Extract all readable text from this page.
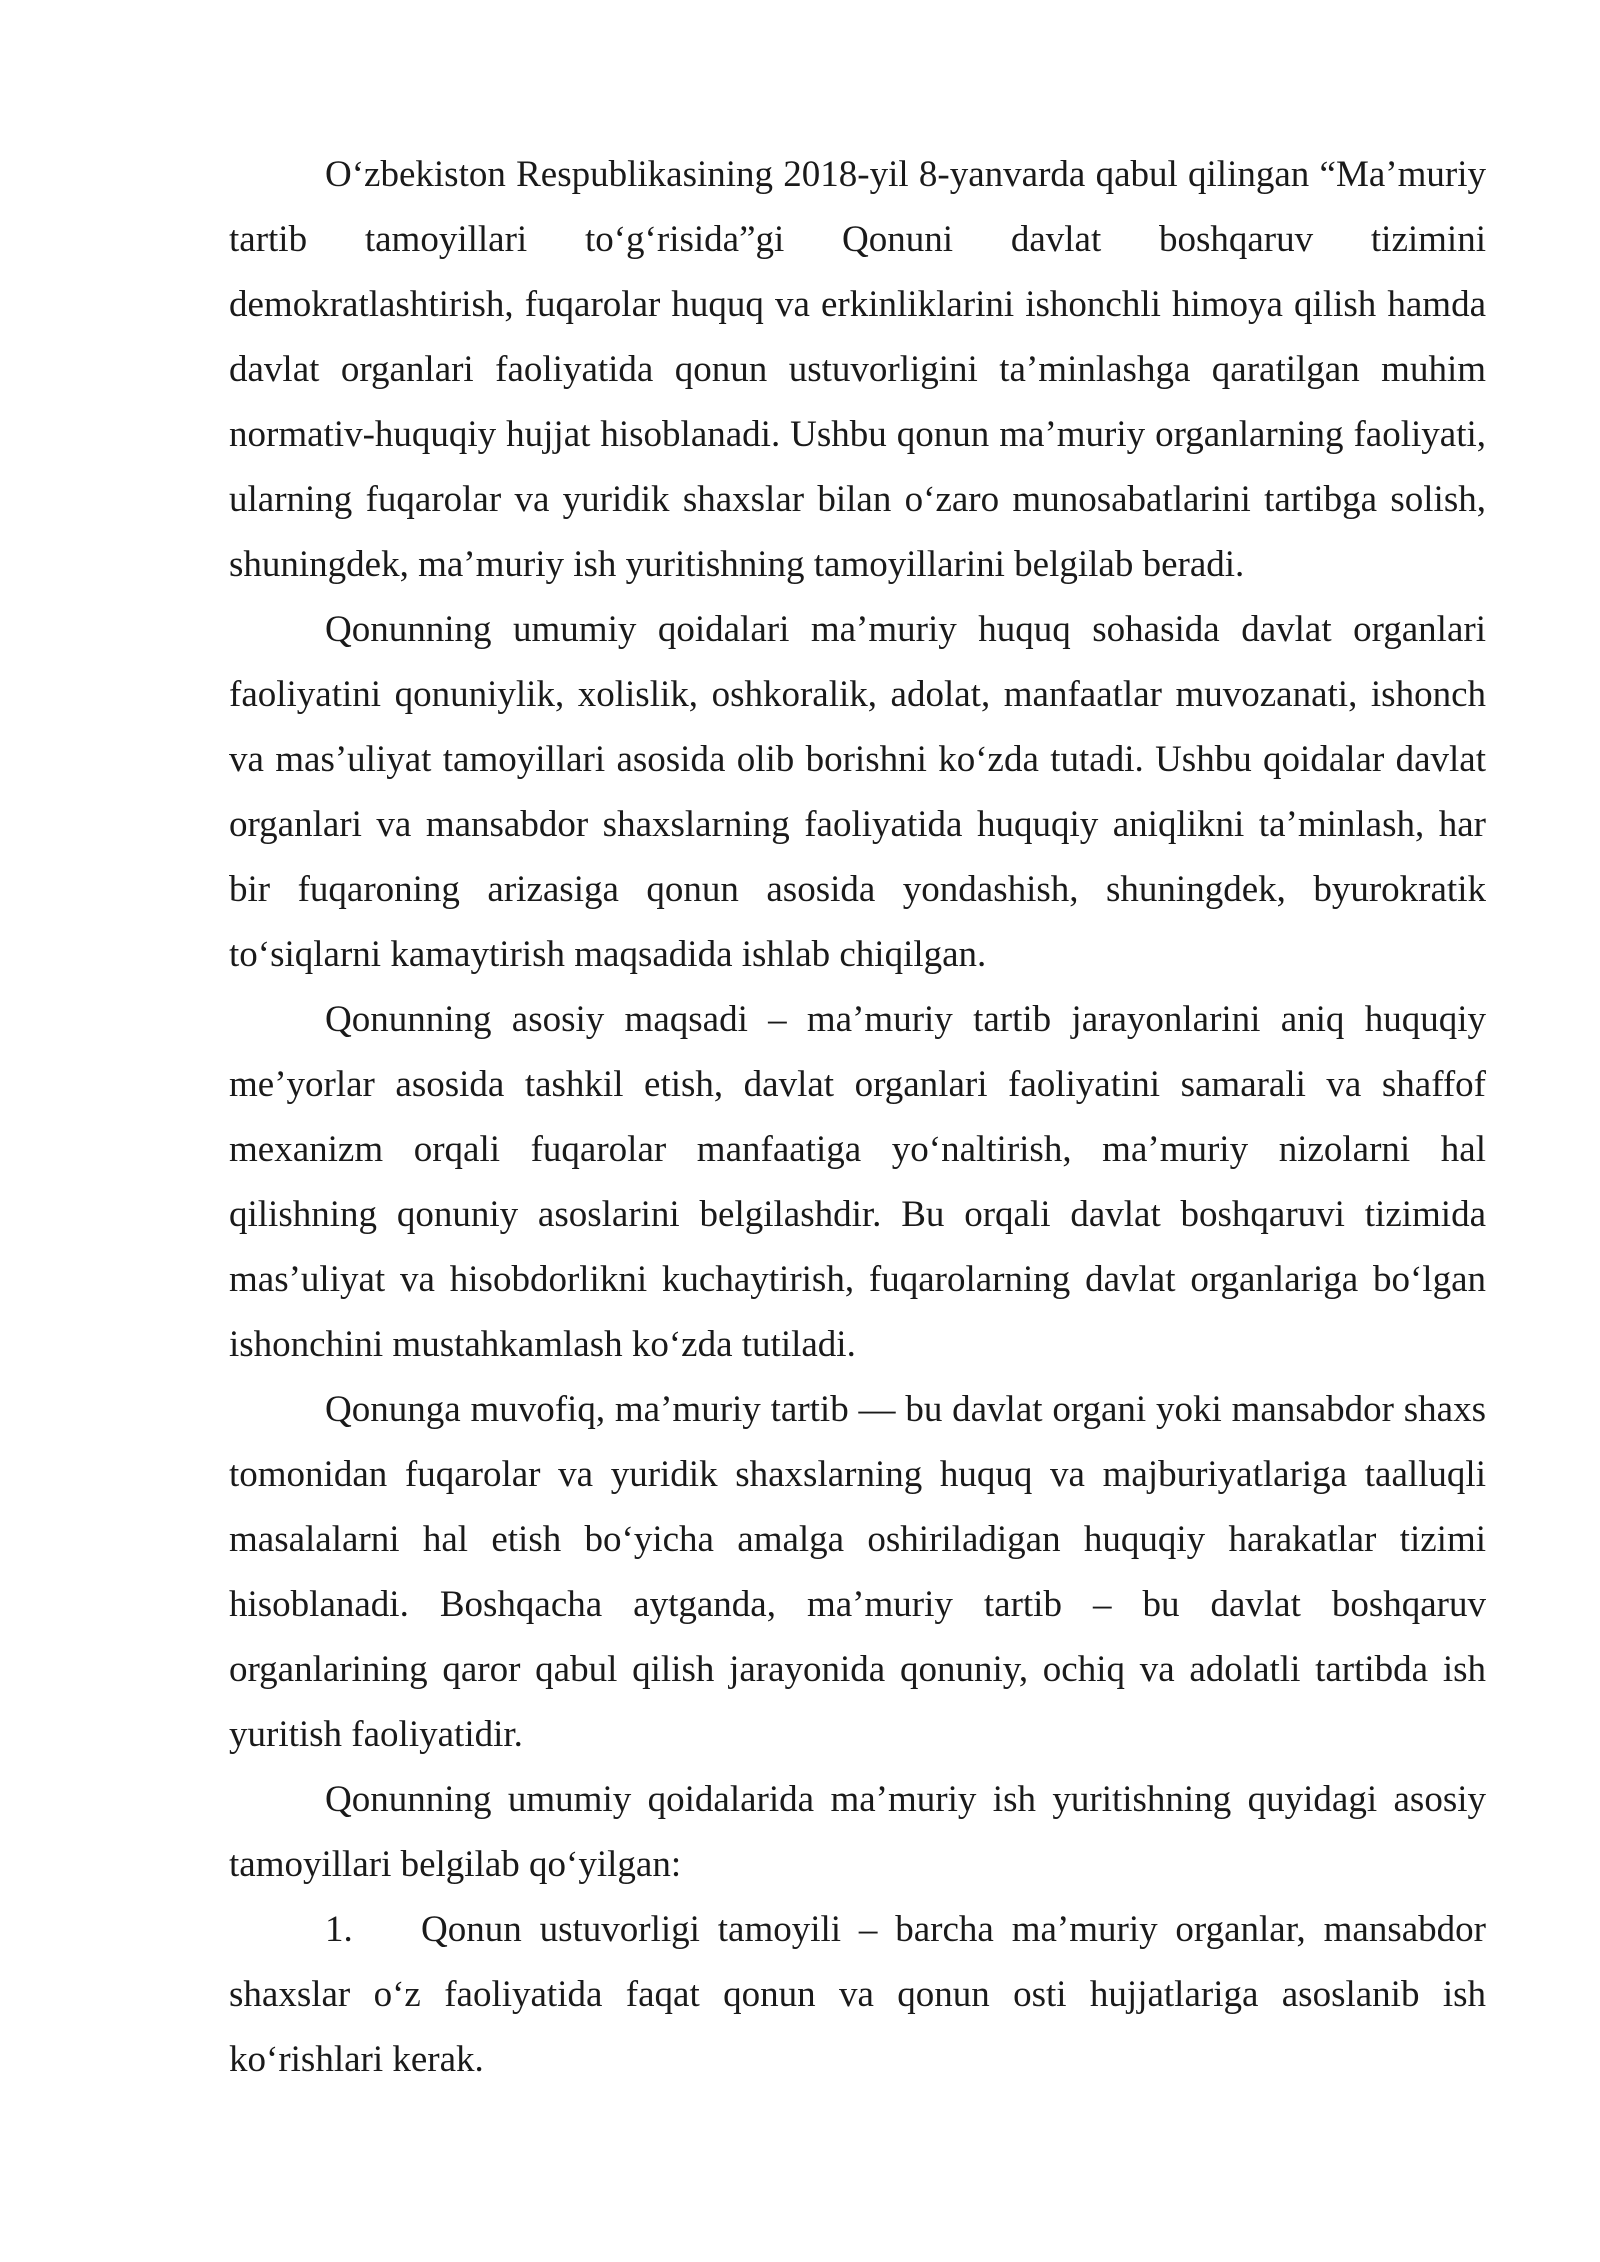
O‘zbekiston Respublikasining 2018-yil 8-yanvarda qabul qilingan “Ma’muriy tartib tamoyillari to‘g‘risida”gi Qonuni davlat boshqaruv tizimini demokratlashtirish, fuqarolar huquq va erkinliklarini ishonchli himoya qilish hamda davlat organlari faoliyatida qonun ustuvorligini ta’minlashga qaratilgan muhim normativ-huquqiy hujjat hisoblanadi. Ushbu qonun ma’muriy organlarning faoliyati, ularning fuqarolar va yuridik shaxslar bilan o‘zaro munosabatlarini tartibga solish, shuningdek, ma’muriy ish yuritishning tamoyillarini belgilab beradi.

Qonunning umumiy qoidalari ma’muriy huquq sohasida davlat organlari faoliyatini qonuniylik, xolislik, oshkoralik, adolat, manfaatlar muvozanati, ishonch va mas’uliyat tamoyillari asosida olib borishni ko‘zda tutadi. Ushbu qoidalar davlat organlari va mansabdor shaxslarning faoliyatida huquqiy aniqlikni ta’minlash, har bir fuqaroning arizasiga qonun asosida yondashish, shuningdek, byurokratik to‘siqlarni kamaytirish maqsadida ishlab chiqilgan.

Qonunning asosiy maqsadi – ma’muriy tartib jarayonlarini aniq huquqiy me’yorlar asosida tashkil etish, davlat organlari faoliyatini samarali va shaffof mexanizm orqali fuqarolar manfaatiga yo‘naltirish, ma’muriy nizolarni hal qilishning qonuniy asoslarini belgilashdir. Bu orqali davlat boshqaruvi tizimida mas’uliyat va hisobdorlikni kuchaytirish, fuqarolarning davlat organlariga bo‘lgan ishonchini mustahkamlash ko‘zda tutiladi.

Qonunga muvofiq, ma’muriy tartib — bu davlat organi yoki mansabdor shaxs tomonidan fuqarolar va yuridik shaxslarning huquq va majburiyatlariga taalluqli masalalarni hal etish bo‘yicha amalga oshiriladigan huquqiy harakatlar tizimi hisoblanadi. Boshqacha aytganda, ma’muriy tartib – bu davlat boshqaruv organlarining qaror qabul qilish jarayonida qonuniy, ochiq va adolatli tartibda ish yuritish faoliyatidir.

Qonunning umumiy qoidalarida ma’muriy ish yuritishning quyidagi asosiy tamoyillari belgilab qo‘yilgan:

1. Qonun ustuvorligi tamoyili – barcha ma’muriy organlar, mansabdor shaxslar o‘z faoliyatida faqat qonun va qonun osti hujjatlariga asoslanib ish ko‘rishlari kerak.
